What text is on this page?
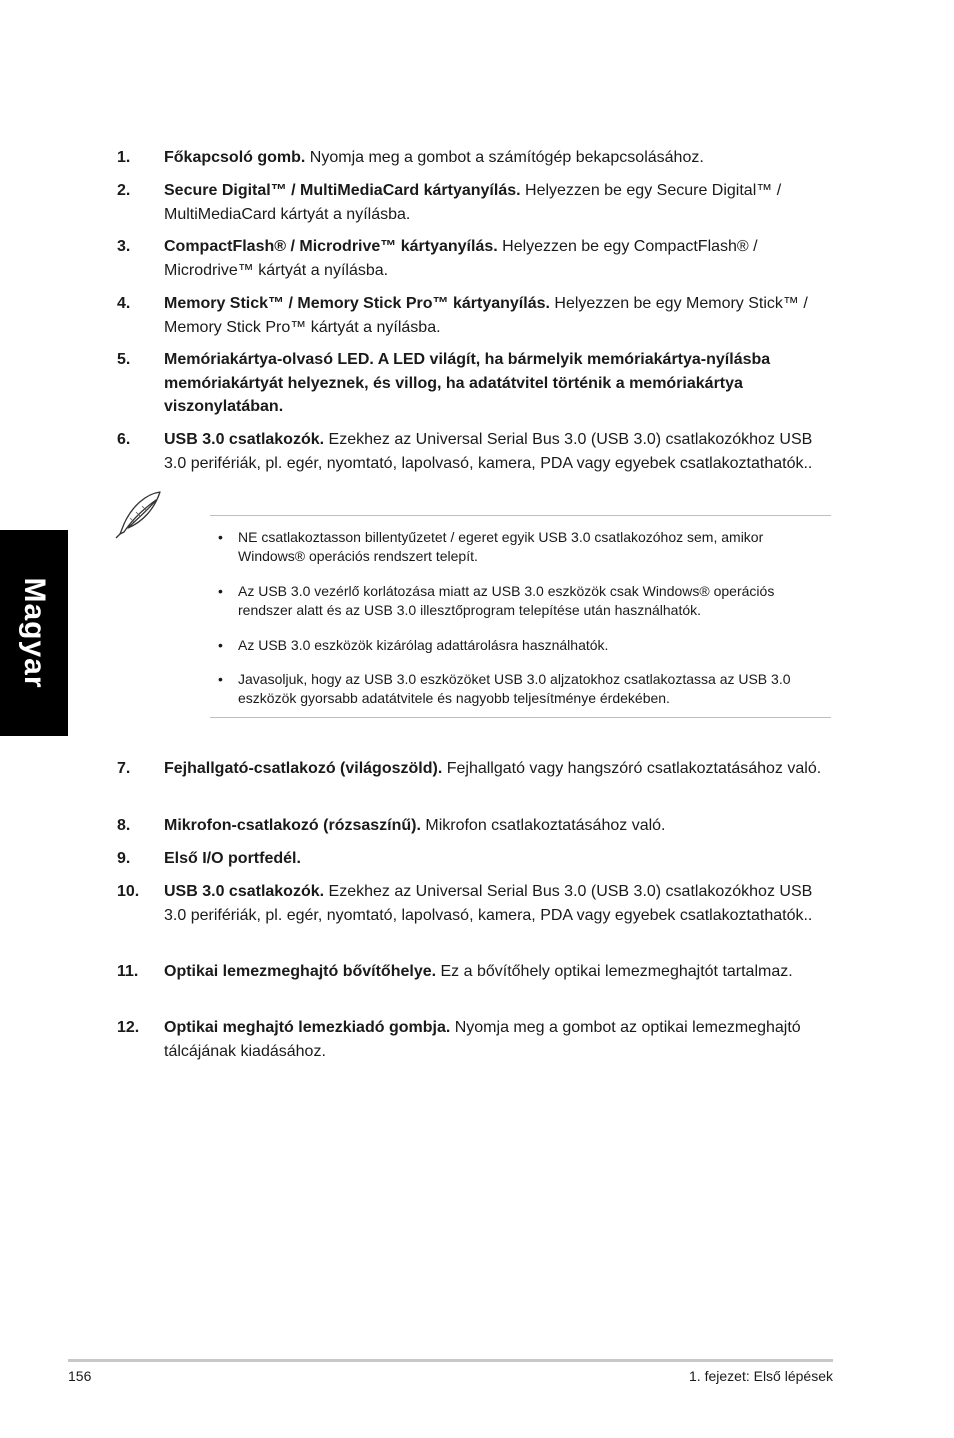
Magyar
1. Főkapcsoló gomb. Nyomja meg a gombot a számítógép bekapcsolásához.
2. Secure Digital™ / MultiMediaCard kártyanyílás. Helyezzen be egy Secure Digital™ / MultiMediaCard kártyát a nyílásba.
3. CompactFlash® / Microdrive™ kártyanyílás. Helyezzen be egy CompactFlash® / Microdrive™ kártyát a nyílásba.
4. Memory Stick™ / Memory Stick Pro™ kártyanyílás. Helyezzen be egy Memory Stick™ / Memory Stick Pro™ kártyát a nyílásba.
5. Memóriakártya-olvasó LED. A LED világít, ha bármelyik memóriakártya-nyílásba memóriakártyát helyeznek, és villog, ha adatátvitel történik a memóriakártya viszonylatában.
6. USB 3.0 csatlakozók. Ezekhez az Universal Serial Bus 3.0 (USB 3.0) csatlakozókhoz USB 3.0 perifériák, pl. egér, nyomtató, lapolvasó, kamera, PDA vagy egyebek csatlakoztathatók..
• NE csatlakoztasson billentyűzetet / egeret egyik USB 3.0 csatlakozóhoz sem, amikor Windows® operációs rendszert telepít.
• Az USB 3.0 vezérlő korlátozása miatt az USB 3.0 eszközök csak Windows® operációs rendszer alatt és az USB 3.0 illesztőprogram telepítése után használhatók.
• Az USB 3.0 eszközök kizárólag adattárolásra használhatók.
• Javasoljuk, hogy az USB 3.0 eszközöket USB 3.0 aljzatokhoz csatlakoztassa az USB 3.0 eszközök gyorsabb adatátvitele és nagyobb teljesítménye érdekében.
7. Fejhallgató-csatlakozó (világoszöld). Fejhallgató vagy hangszóró csatlakoztatásához való.
8. Mikrofon-csatlakozó (rózsaszínű). Mikrofon csatlakoztatásához való.
9. Első I/O portfedél.
10. USB 3.0 csatlakozók. Ezekhez az Universal Serial Bus 3.0 (USB 3.0) csatlakozókhoz USB 3.0 perifériák, pl. egér, nyomtató, lapolvasó, kamera, PDA vagy egyebek csatlakoztathatók..
11. Optikai lemezmeghajtó bővítőhelye. Ez a bővítőhely optikai lemezmeghajtót tartalmaz.
12. Optikai meghajtó lemezkiadó gombja. Nyomja meg a gombot az optikai lemezmeghajtó tálcájának kiadásához.
156	1. fejezet: Első lépések
